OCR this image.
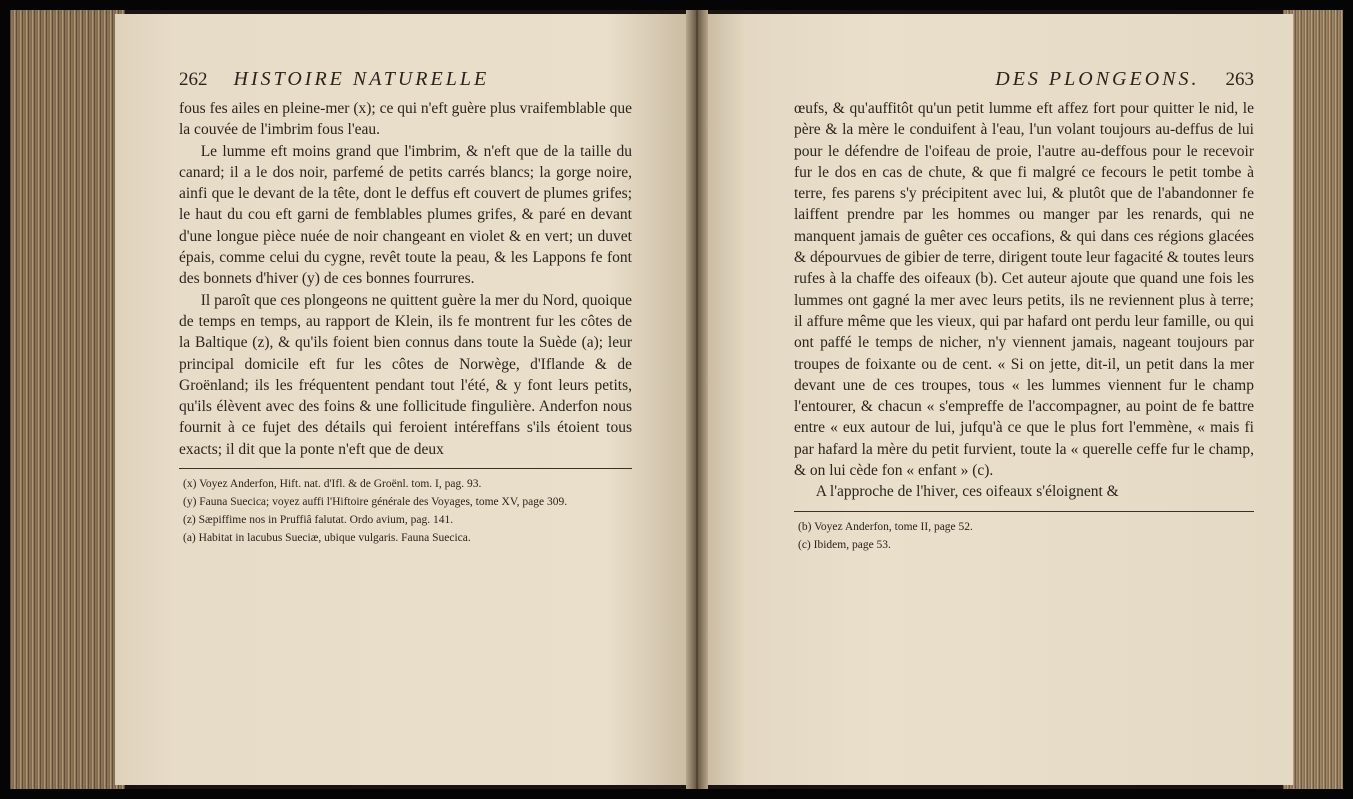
262 HISTOIRE NATURELLE

fous fes ailes en pleine-mer (x); ce qui n'eft guère plus vraifemblable que la couvée de l'imbrim fous l'eau.

Le lumme eft moins grand que l'imbrim, & n'eft que de la taille du canard; il a le dos noir, parfemé de petits carrés blancs; la gorge noire, ainfi que le devant de la tête, dont le deffus eft couvert de plumes grifes; le haut du cou eft garni de femblables plumes grifes, & paré en devant d'une longue pièce nuée de noir changeant en violet & en vert; un duvet épais, comme celui du cygne, revêt toute la peau, & les Lappons fe font des bonnets d'hiver (y) de ces bonnes fourrures.

Il paroît que ces plongeons ne quittent guère la mer du Nord, quoique de temps en temps, au rapport de Klein, ils fe montrent fur les côtes de la Baltique (z), & qu'ils foient bien connus dans toute la Suède (a); leur principal domicile eft fur les côtes de Norwège, d'Iflande & de Groënland; ils les fréquentent pendant tout l'été, & y font leurs petits, qu'ils élèvent avec des foins & une follicitude fingulière. Anderfon nous fournit à ce fujet des détails qui feroient intéreffans s'ils étoient tous exacts; il dit que la ponte n'eft que de deux

(x) Voyez Anderfon, Hift. nat. d'Ifl. & de Groënl. tom. I, pag. 93.

(y) Fauna Suecica; voyez auffi l'Hiftoire générale des Voyages, tome XV, page 309.

(z) Sæpiffime nos in Pruffiâ falutat. Ordo avium, pag. 141.

(a) Habitat in lacubus Sueciæ, ubique vulgaris. Fauna Suecica.

DES PLONGEONS. 263

œufs, & qu'auffitôt qu'un petit lumme eft affez fort pour quitter le nid, le père & la mère le conduifent à l'eau, l'un volant toujours au-deffus de lui pour le défendre de l'oifeau de proie, l'autre au-deffous pour le recevoir fur le dos en cas de chute, & que fi malgré ce fecours le petit tombe à terre, fes parens s'y précipitent avec lui, & plutôt que de l'abandonner fe laiffent prendre par les hommes ou manger par les renards, qui ne manquent jamais de guêter ces occafions, & qui dans ces régions glacées & dépourvues de gibier de terre, dirigent toute leur fagacité & toutes leurs rufes à la chaffe des oifeaux (b). Cet auteur ajoute que quand une fois les lummes ont gagné la mer avec leurs petits, ils ne reviennent plus à terre; il affure même que les vieux, qui par hafard ont perdu leur famille, ou qui ont paffé le temps de nicher, n'y viennent jamais, nageant toujours par troupes de foixante ou de cent. « Si on jette, dit-il, un petit dans la mer devant une de ces troupes, tous « les lummes viennent fur le champ l'entourer, & chacun « s'empreffe de l'accompagner, au point de fe battre entre « eux autour de lui, jufqu'à ce que le plus fort l'emmène, « mais fi par hafard la mère du petit furvient, toute la « querelle ceffe fur le champ, & on lui cède fon « enfant » (c).

A l'approche de l'hiver, ces oifeaux s'éloignent &

(b) Voyez Anderfon, tome II, page 52.

(c) Ibidem, page 53.
